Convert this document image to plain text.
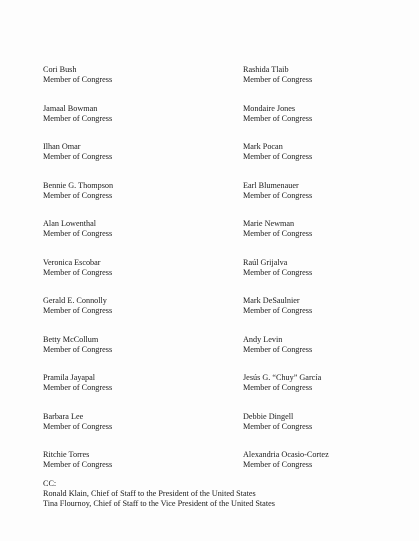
Cori Bush
Member of Congress
Rashida Tlaib
Member of Congress
Jamaal Bowman
Member of Congress
Mondaire Jones
Member of Congress
Ilhan Omar
Member of Congress
Mark Pocan
Member of Congress
Bennie G. Thompson
Member of Congress
Earl Blumenauer
Member of Congress
Alan Lowenthal
Member of Congress
Marie Newman
Member of Congress
Veronica Escobar
Member of Congress
Raúl Grijalva
Member of Congress
Gerald E. Connolly
Member of Congress
Mark DeSaulnier
Member of Congress
Betty McCollum
Member of Congress
Andy Levin
Member of Congress
Pramila Jayapal
Member of Congress
Jesús G. “Chuy” García
Member of Congress
Barbara Lee
Member of Congress
Debbie Dingell
Member of Congress
Ritchie Torres
Member of Congress
Alexandria Ocasio-Cortez
Member of Congress
CC:
Ronald Klain, Chief of Staff to the President of the United States
Tina Flournoy, Chief of Staff to the Vice President of the United States
